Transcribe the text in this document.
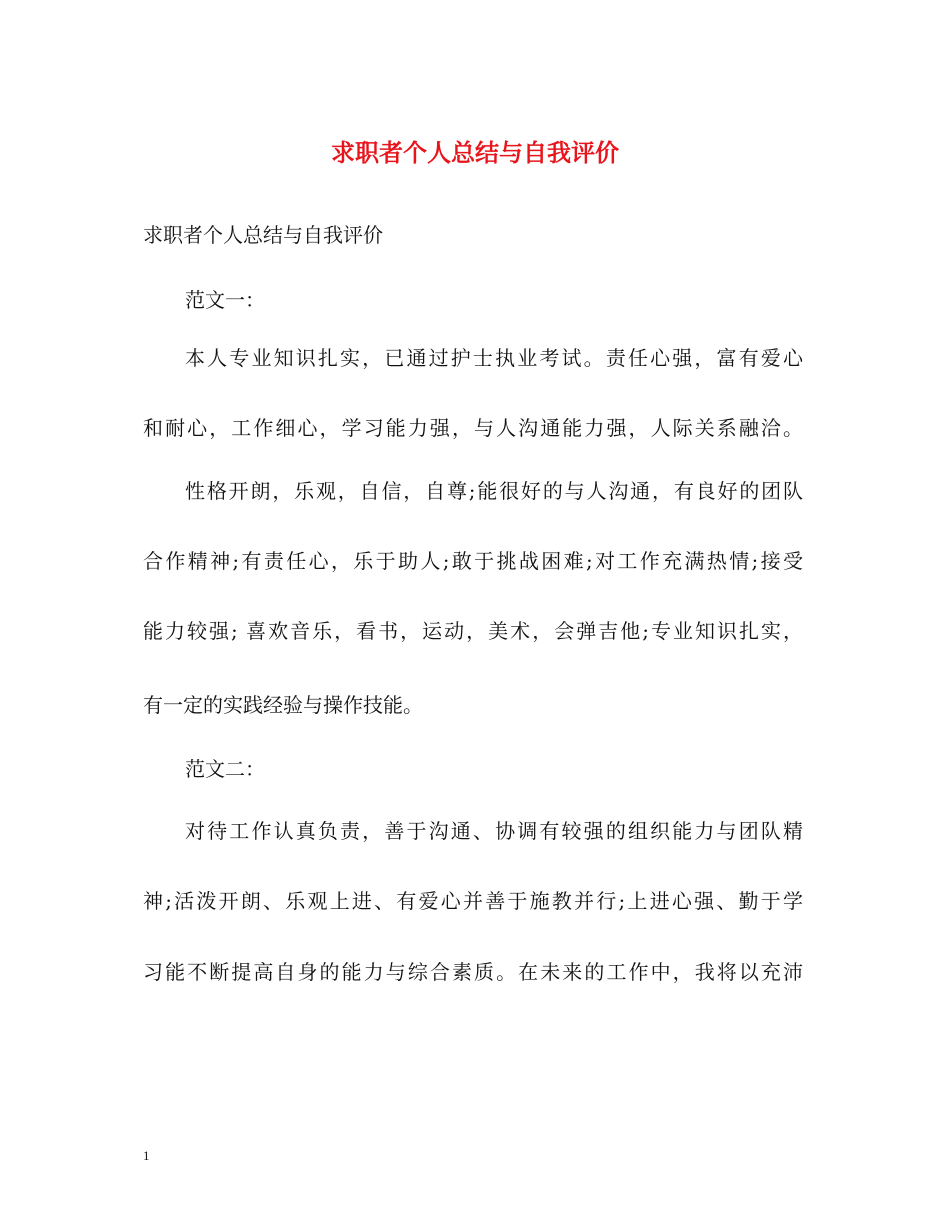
求职者个人总结与自我评价
求职者个人总结与自我评价
范文一：
本人专业知识扎实，已通过护士执业考试。责任心强，富有爱心
和耐心，工作细心，学习能力强，与人沟通能力强，人际关系融洽。
性格开朗，乐观，自信，自尊;能很好的与人沟通，有良好的团队
合作精神;有责任心，乐于助人;敢于挑战困难;对工作充满热情;接受
能力较强; 喜欢音乐，看书，运动，美术，会弹吉他;专业知识扎实，
有一定的实践经验与操作技能。
范文二：
对待工作认真负责，善于沟通、协调有较强的组织能力与团队精
神;活泼开朗、乐观上进、有爱心并善于施教并行;上进心强、勤于学
习能不断提高自身的能力与综合素质。在未来的工作中，我将以充沛
1
